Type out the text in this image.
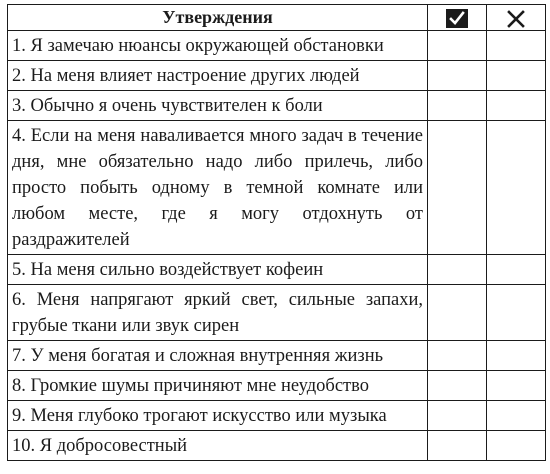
Утверждения	

1. Я замечаю нюансы окружающей обстановки		
2. На меня влияет настроение других людей		
3. Обычно я очень чувствителен к боли		
4. Если на меня наваливается много задач в течение дня, мне обязательно надо либо прилечь, либо просто побыть одному в темной комнате или любом месте, где я могу отдохнуть от раздражителей		
5. На меня сильно воздействует кофеин		
6. Меня напрягают яркий свет, сильные запахи, грубые ткани или звук сирен		
7. У меня богатая и сложная внутренняя жизнь		
8. Громкие шумы причиняют мне неудобство		
9. Меня глубоко трогают искусство или музыка		
10. Я добросовестный		
